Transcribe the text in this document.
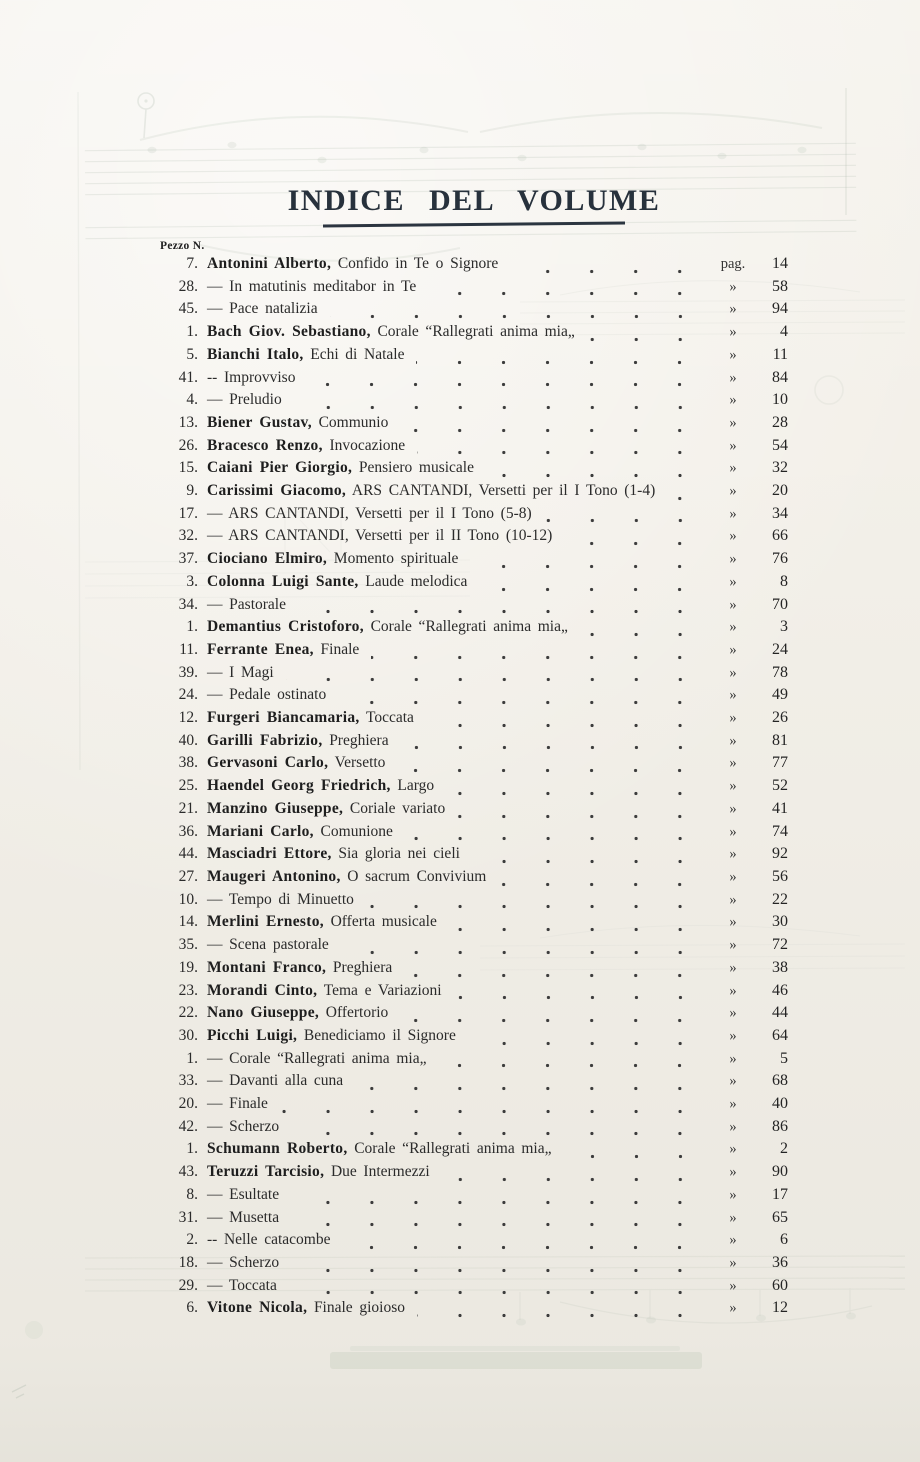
INDICE DEL VOLUME
Pezzo N.
7. Antonini Alberto, Confido in Te o Signore	pag.	14
28. — In matutinis meditabor in Te	»	58
45. — Pace natalizia	»	94
1. Bach Giov. Sebastiano, Corale “Rallegrati anima mia„	»	4
5. Bianchi Italo, Echi di Natale	»	11
41. -- Improvviso	»	84
4. — Preludio	»	10
13. Biener Gustav, Communio	»	28
26. Bracesco Renzo, Invocazione	»	54
15. Caiani Pier Giorgio, Pensiero musicale	»	32
9. Carissimi Giacomo, ARS CANTANDI, Versetti per il I Tono (1-4)	»	20
17. — ARS CANTANDI, Versetti per il I Tono (5-8)	»	34
32. — ARS CANTANDI, Versetti per il II Tono (10-12)	»	66
37. Ciociano Elmiro, Momento spirituale	»	76
3. Colonna Luigi Sante, Laude melodica	»	8
34. — Pastorale	»	70
1. Demantius Cristoforo, Corale “Rallegrati anima mia„	»	3
11. Ferrante Enea, Finale	»	24
39. — I Magi	»	78
24. — Pedale ostinato	»	49
12. Furgeri Biancamaria, Toccata	»	26
40. Garilli Fabrizio, Preghiera	»	81
38. Gervasoni Carlo, Versetto	»	77
25. Haendel Georg Friedrich, Largo	»	52
21. Manzino Giuseppe, Coriale variato	»	41
36. Mariani Carlo, Comunione	»	74
44. Masciadri Ettore, Sia gloria nei cieli	»	92
27. Maugeri Antonino, O sacrum Convivium	»	56
10. — Tempo di Minuetto	»	22
14. Merlini Ernesto, Offerta musicale	»	30
35. — Scena pastorale	»	72
19. Montani Franco, Preghiera	»	38
23. Morandi Cinto, Tema e Variazioni	»	46
22. Nano Giuseppe, Offertorio	»	44
30. Picchi Luigi, Benediciamo il Signore	»	64
1. — Corale “Rallegrati anima mia„	»	5
33. — Davanti alla cuna	»	68
20. — Finale	»	40
42. — Scherzo	»	86
1. Schumann Roberto, Corale “Rallegrati anima mia„	»	2
43. Teruzzi Tarcisio, Due Intermezzi	»	90
8. — Esultate	»	17
31. — Musetta	»	65
2. -- Nelle catacombe	»	6
18. — Scherzo	»	36
29. — Toccata	»	60
6. Vitone Nicola, Finale gioioso	»	12
